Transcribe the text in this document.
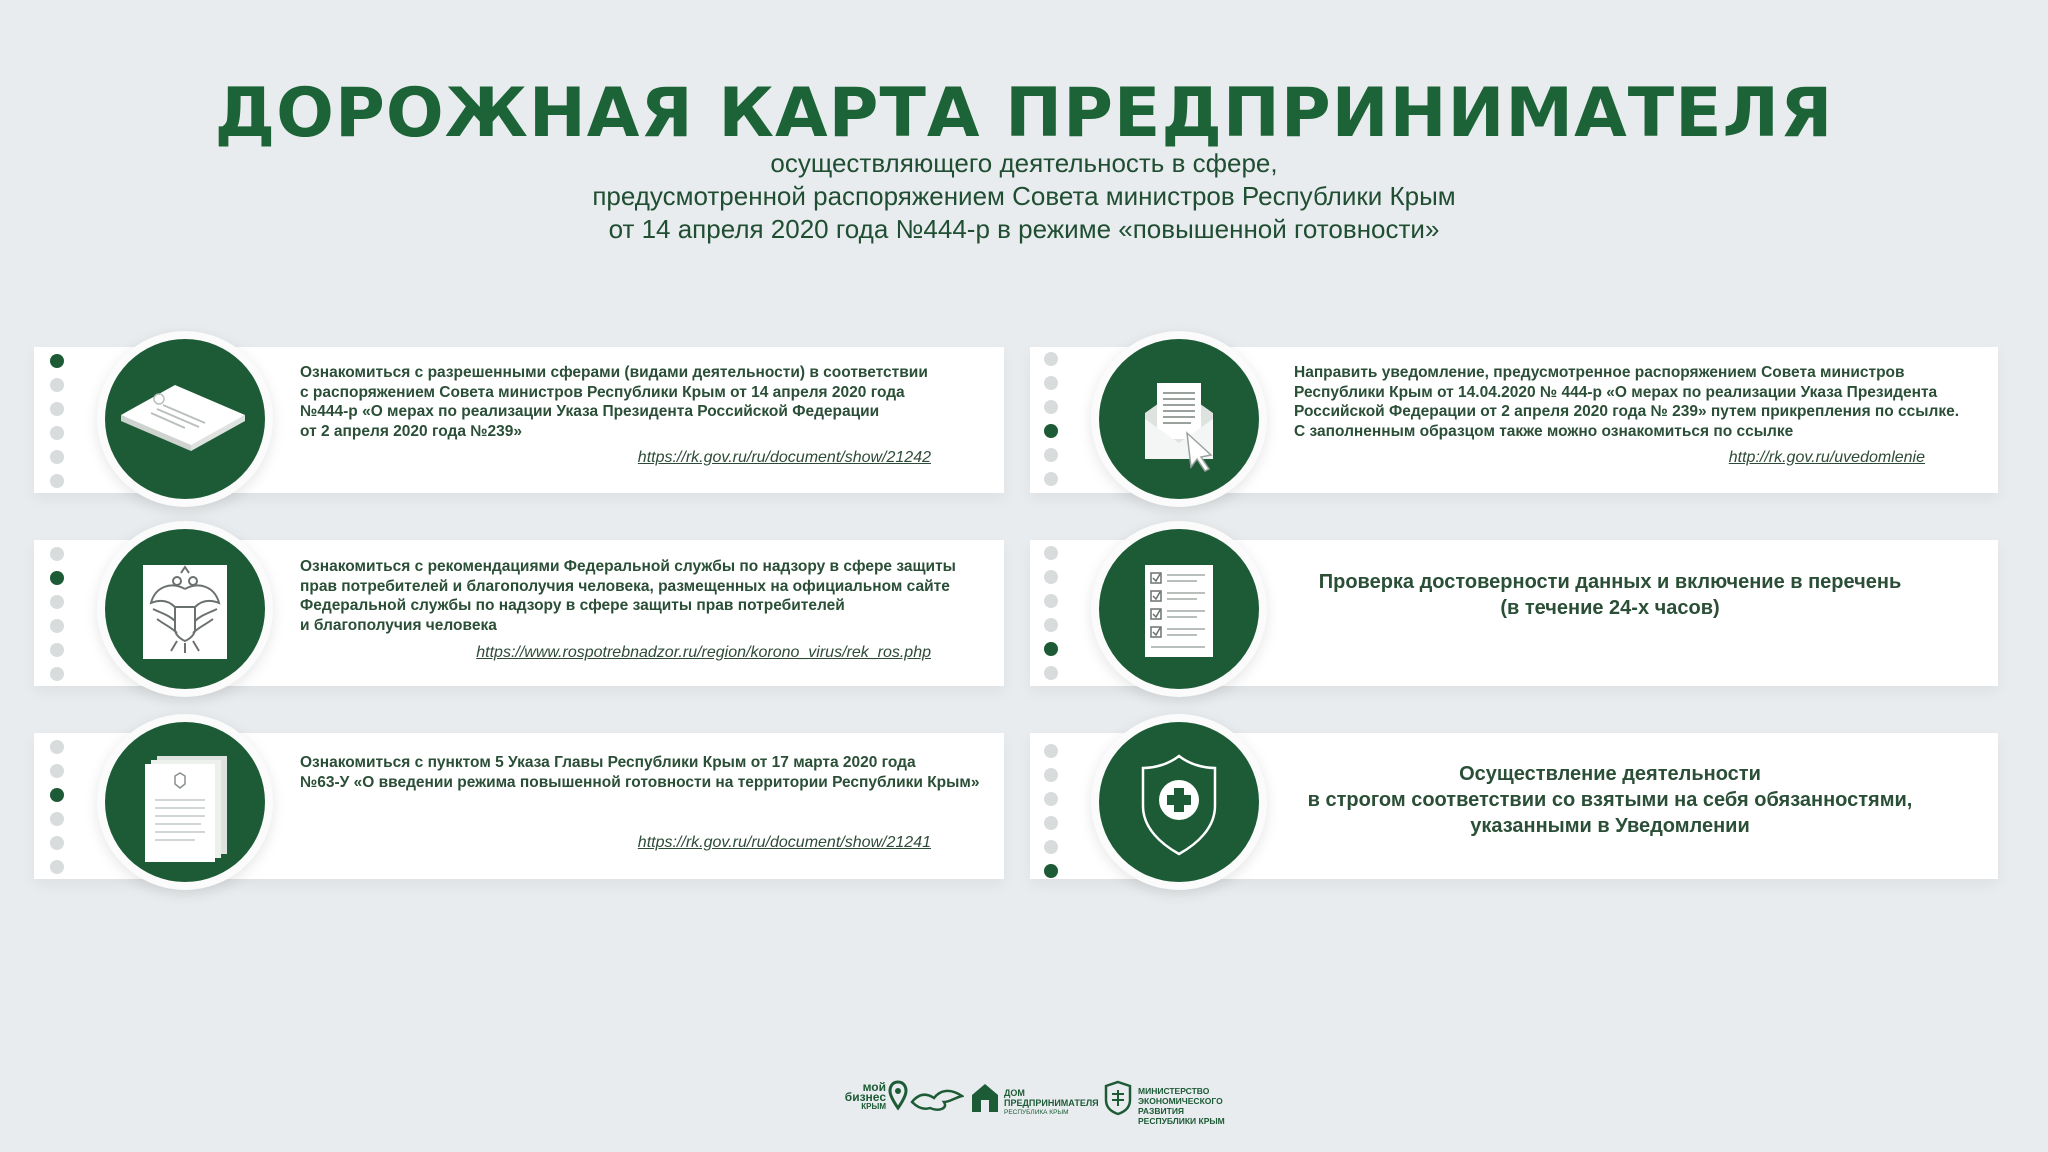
ДОРОЖНАЯ КАРТА ПРЕДПРИНИМАТЕЛЯ
осуществляющего деятельность в сфере,
предусмотренной распоряжением Совета министров Республики Крым
от 14 апреля 2020 года №444-р в режиме «повышенной готовности»
Ознакомиться с разрешенными сферами (видами деятельности) в соответствии
с распоряжением Совета министров Республики Крым от 14 апреля 2020 года
№444-р «О мерах по реализации Указа Президента Российской Федерации
от 2 апреля 2020 года №239»
https://rk.gov.ru/ru/document/show/21242
Ознакомиться с рекомендациями Федеральной службы по надзору в сфере защиты
прав потребителей и благополучия человека, размещенных на официальном сайте
Федеральной службы по надзору в сфере защиты прав потребителей
и благополучия человека
https://www.rospotrebnadzor.ru/region/korono_virus/rek_ros.php
Ознакомиться с пунктом 5 Указа Главы Республики Крым от 17 марта 2020 года
№63-У «О введении режима повышенной готовности на территории Республики Крым»
https://rk.gov.ru/ru/document/show/21241
Направить уведомление, предусмотренное распоряжением Совета министров
Республики Крым от 14.04.2020 № 444-р «О мерах по реализации Указа Президента
Российской Федерации от 2 апреля 2020 года № 239» путем прикрепления по ссылке.
С заполненным образцом также можно ознакомиться по ссылке
http://rk.gov.ru/uvedomlenie
Проверка достоверности данных и включение в перечень
(в течение 24-х часов)
Осуществление деятельности
в строгом соответствии со взятыми на себя обязанностями,
указанными в Уведомлении
мой
бизнес
КРЫМ
ДОМ
ПРЕДПРИНИМАТЕЛЯ
РЕСПУБЛИКА КРЫМ
МИНИСТЕРСТВО
ЭКОНОМИЧЕСКОГО РАЗВИТИЯ
РЕСПУБЛИКИ КРЫМ
